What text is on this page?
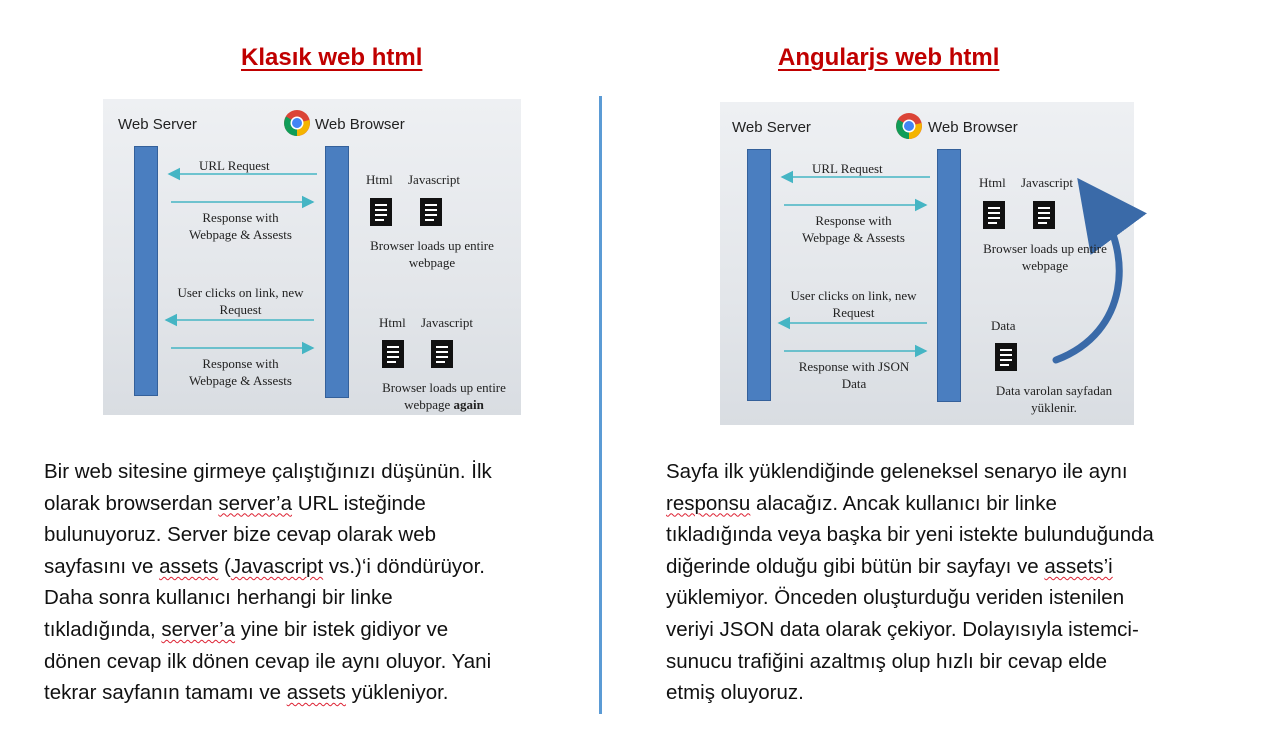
Klasık web html	Angularjs web html
Web Server	Web Browser
URL Request
Response with
Webpage & Assests
Html Javascript
Browser loads up entire
webpage
User clicks on link, new
Request
Html Javascript
Response with
Webpage & Assests	Browser loads up entire
webpage again
Web Server	Web Browser
URL Request
Response with
Webpage & Assests
Html Javascript
Browser loads up entire
webpage
User clicks on link, new
Request
Data
Response with JSON
Data	Data varolan sayfadan
yüklenir.
Bir web sitesine girmeye çalıştığınızı düşünün. İlk
olarak browserdan server’a URL isteğinde
bulunuyoruz. Server bize cevap olarak web
sayfasını ve assets (Javascript vs.)‘i döndürüyor.
Daha sonra kullanıcı herhangi bir linke
tıkladığında, server’a yine bir istek gidiyor ve
dönen cevap ilk dönen cevap ile aynı oluyor. Yani
tekrar sayfanın tamamı ve assets yükleniyor.
Sayfa ilk yüklendiğinde geleneksel senaryo ile aynı
responsu alacağız. Ancak kullanıcı bir linke
tıkladığında veya başka bir yeni istekte bulunduğunda
diğerinde olduğu gibi bütün bir sayfayı ve assets’i
yüklemiyor. Önceden oluşturduğu veriden istenilen
veriyi JSON data olarak çekiyor. Dolayısıyla istemci-
sunucu trafiğini azaltmış olup hızlı bir cevap elde
etmiş oluyoruz.
